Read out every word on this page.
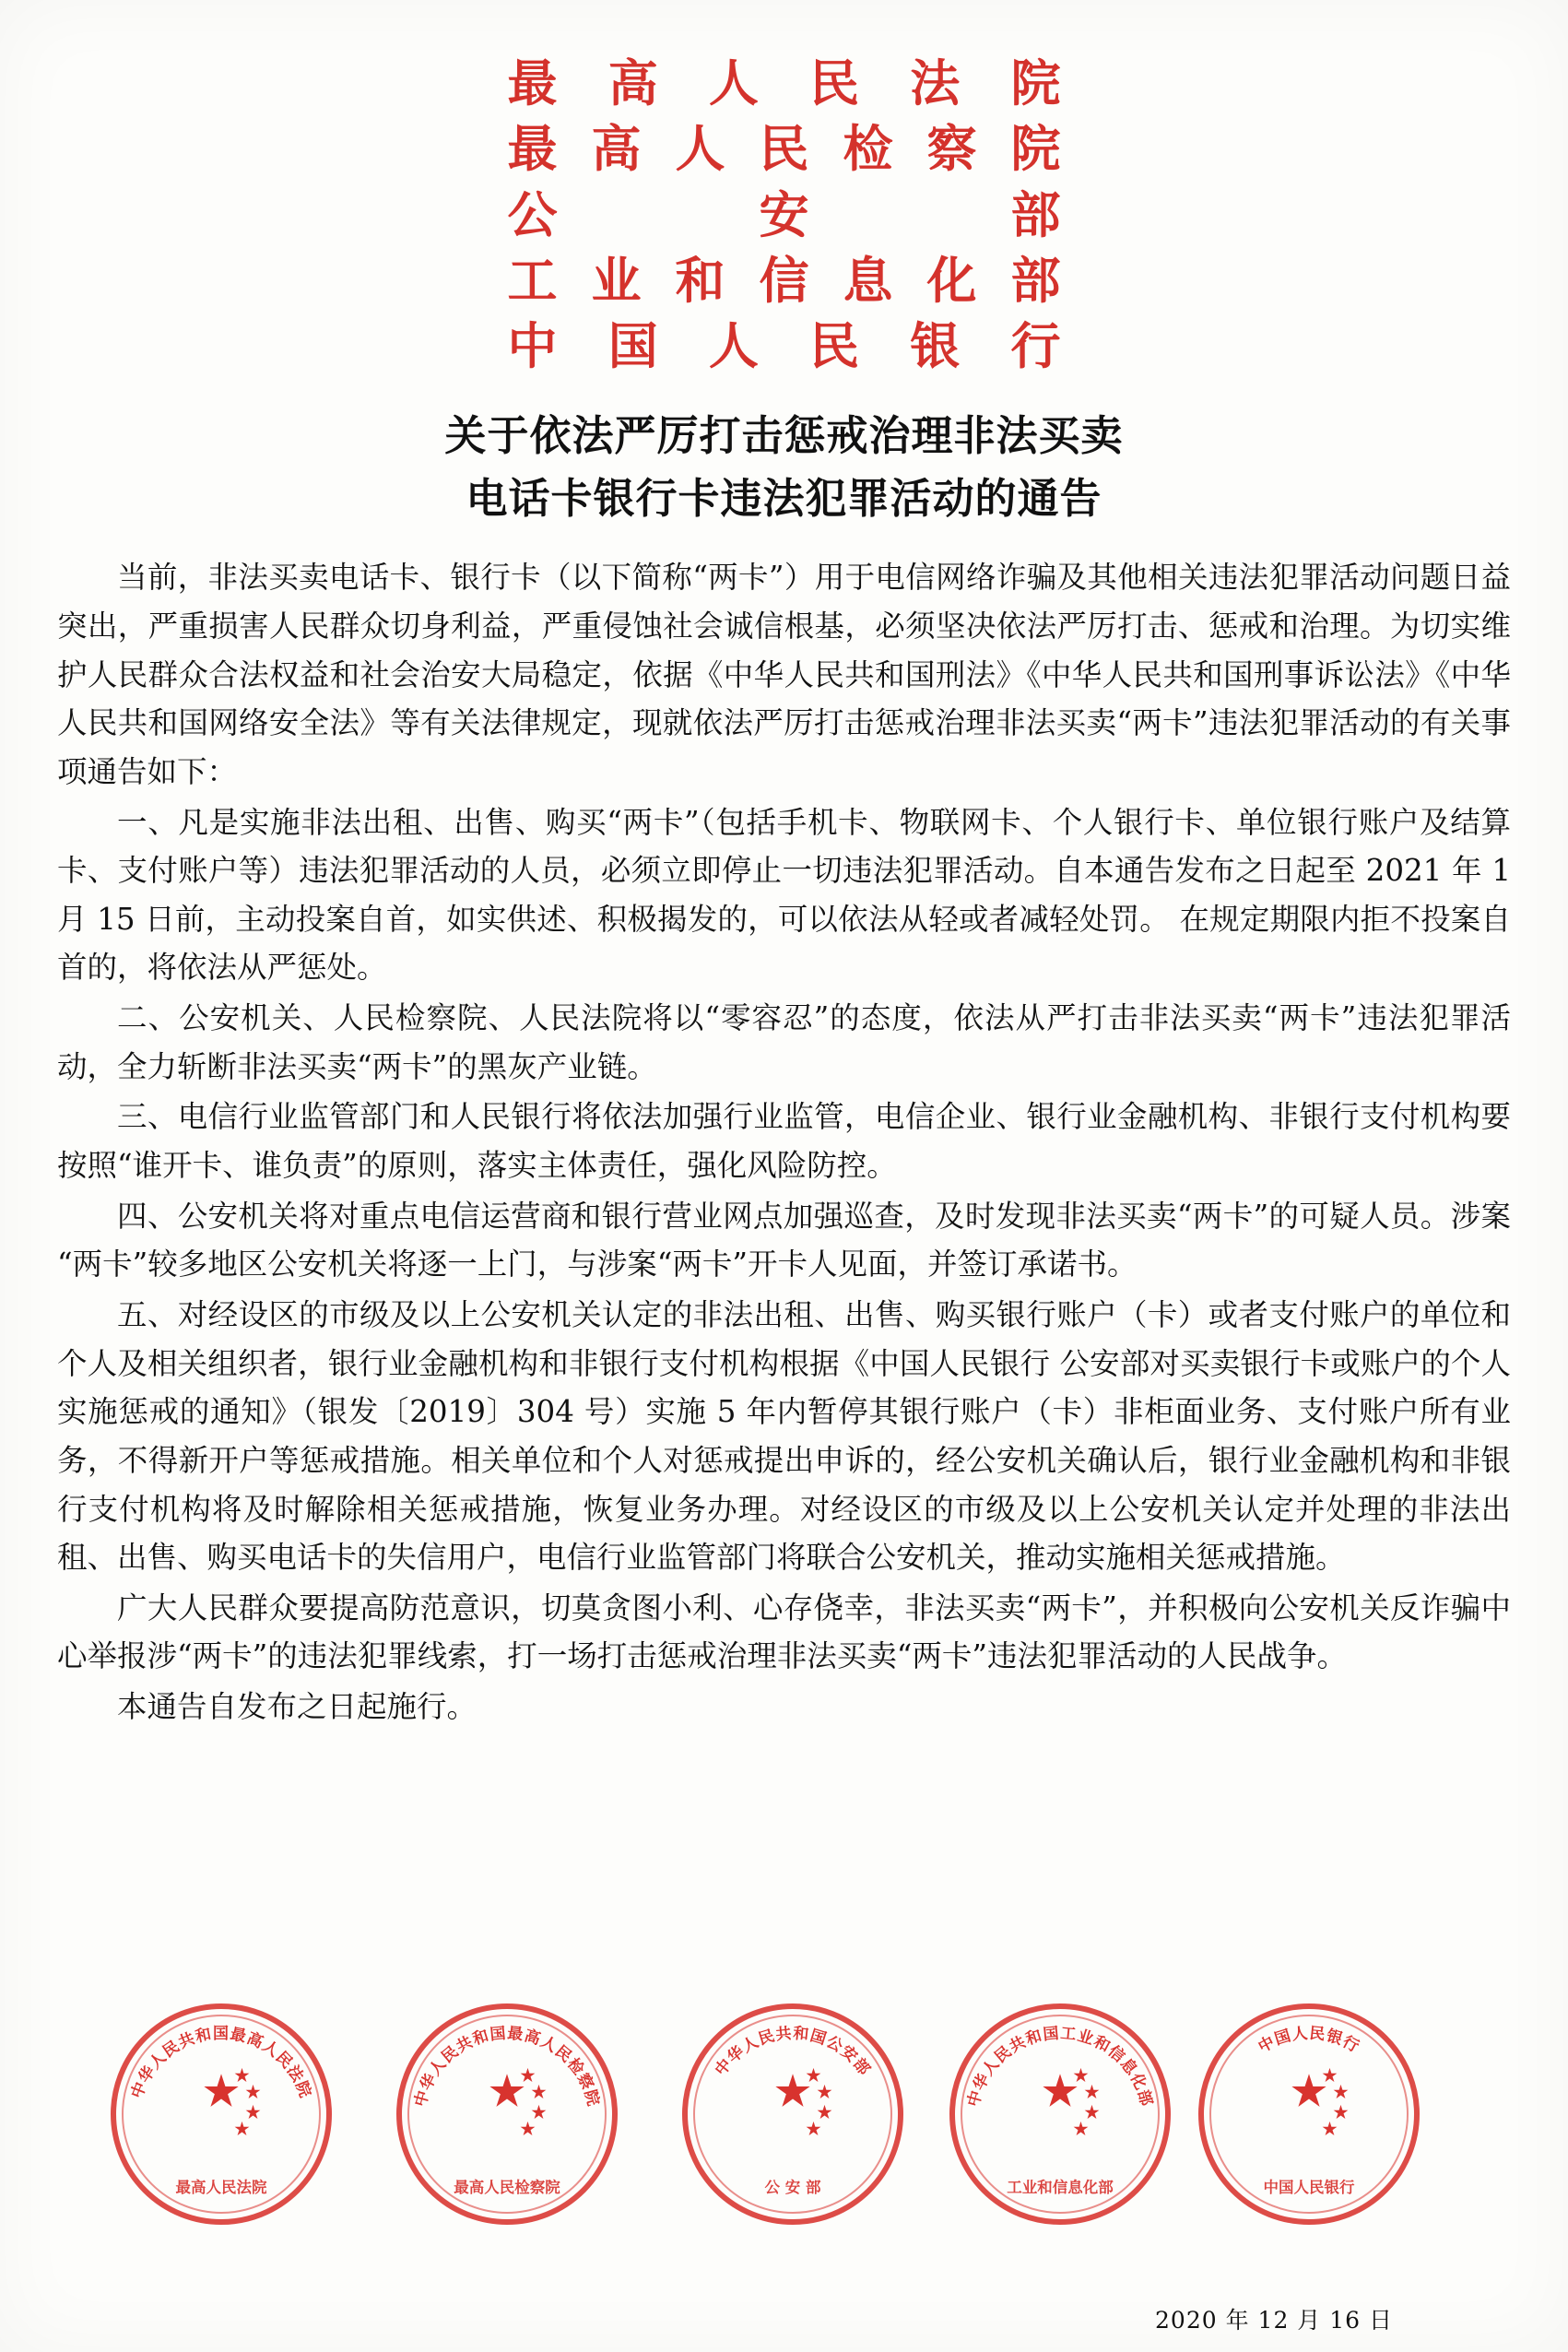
最 高 人 民 法 院
最 高 人 民 检 察 院
公	安	部
工 业 和 信 息 化 部
中 国 人 民 银 行
关于依法严厉打击惩戒治理非法买卖
电话卡银行卡违法犯罪活动的通告

当前，非法买卖电话卡、银行卡（以下简称“两卡”）用于电信网络诈骗及其他相关违法犯罪活动问题日益突出，严重损害人民群众切身利益，严重侵蚀社会诚信根基，必须坚决依法严厉打击、惩戒和治理。为切实维护人民群众合法权益和社会治安大局稳定，依据《中华人民共和国刑法》《中华人民共和国刑事诉讼法》《中华人民共和国网络安全法》等有关法律规定，现就依法严厉打击惩戒治理非法买卖“两卡”违法犯罪活动的有关事项通告如下：

一、凡是实施非法出租、出售、购买“两卡”（包括手机卡、物联网卡、个人银行卡、单位银行账户及结算卡、支付账户等）违法犯罪活动的人员，必须立即停止一切违法犯罪活动。自本通告发布之日起至 2021 年 1 月 15 日前，主动投案自首，如实供述、积极揭发的，可以依法从轻或者减轻处罚。 在规定期限内拒不投案自首的，将依法从严惩处。

二、公安机关、人民检察院、人民法院将以“零容忍”的态度，依法从严打击非法买卖“两卡”违法犯罪活动，全力斩断非法买卖“两卡”的黑灰产业链。

三、电信行业监管部门和人民银行将依法加强行业监管，电信企业、银行业金融机构、非银行支付机构要按照“谁开卡、谁负责”的原则，落实主体责任，强化风险防控。

四、公安机关将对重点电信运营商和银行营业网点加强巡查，及时发现非法买卖“两卡”的可疑人员。涉案“两卡”较多地区公安机关将逐一上门，与涉案“两卡”开卡人见面，并签订承诺书。

五、对经设区的市级及以上公安机关认定的非法出租、出售、购买银行账户（卡）或者支付账户的单位和个人及相关组织者，银行业金融机构和非银行支付机构根据《中国人民银行 公安部对买卖银行卡或账户的个人实施惩戒的通知》（银发〔2019〕304 号）实施 5 年内暂停其银行账户（卡）非柜面业务、支付账户所有业务，不得新开户等惩戒措施。相关单位和个人对惩戒提出申诉的，经公安机关确认后，银行业金融机构和非银行支付机构将及时解除相关惩戒措施，恢复业务办理。对经设区的市级及以上公安机关认定并处理的非法出租、出售、购买电话卡的失信用户，电信行业监管部门将联合公安机关，推动实施相关惩戒措施。

广大人民群众要提高防范意识，切莫贪图小利、心存侥幸，非法买卖“两卡”，并积极向公安机关反诈骗中心举报涉“两卡”的违法犯罪线索，打一场打击惩戒治理非法买卖“两卡”违法犯罪活动的人民战争。

本通告自发布之日起施行。

中华人民共和国最高人民法院
★
★
★
★
★
最高人民法院
中华人民共和国最高人民检察院
★
★
★
★
★
最高人民检察院
中华人民共和国公安部
★
★
★
★
★
公 安 部
中华人民共和国工业和信息化部
★
★
★
★
★
工业和信息化部
中国人民银行
★
★
★
★
★
中国人民银行
2020 年 12 月 16 日
